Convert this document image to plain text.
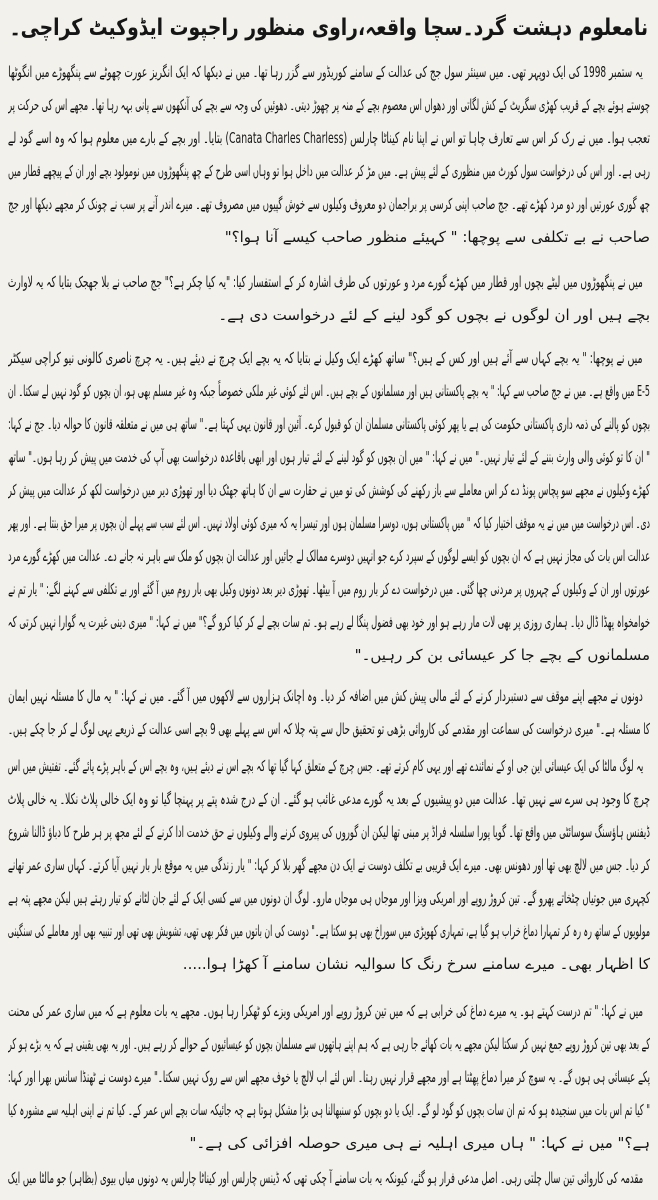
نامعلوم دہشت گرد۔
سچا واقعہ،
راوی منظور راجپوت ایڈوکیٹ کراچی۔
یہ ستمبر 1998 کی ایک دوپہر تھی۔ میں سینئر سول جج کی عدالت کے سامنے کوریڈور سے گزر رہا تھا۔ میں نے دیکھا کہ ایک انگریز عورت چھوٹے سے پنگھوڑے میں انگوٹھا
چوستے ہوئے بچے کے قریب کھڑی سگریٹ کے کش لگاتی اور دھواں اس معصوم بچے کے منہ پر چھوڑ دیتی۔ دھوئیں کی وجہ سے بچے کی آنکھوں سے پانی بہہ رہا تھا۔ مجھے اس کی حرکت پر
تعجب ہوا۔ میں نے رک کر اس سے تعارف چاہا تو اس نے اپنا نام کیناٹا چارلس (Canata Charles Charless) بتایا۔ اور بچے کے بارے میں معلوم ہوا کہ وہ اسے گود لے
رہی ہے۔ اور اس کی درخواست سول کورٹ میں منظوری کے لئے پیش ہے۔ میں مڑ کر عدالت میں داخل ہوا تو وہاں اسی طرح کے چھ پنگھوڑوں میں نومولود بچے اور ان کے پیچھے قطار میں
چھ گوری عورتیں اور دو مرد کھڑے تھے۔ جج صاحب اپنی کرسی پر براجمان دو معروف وکیلوں سے خوش گپیوں میں مصروف تھے۔ میرے اندر آنے پر سب نے چونک کر مجھے دیکھا اور جج
صاحب نے بے تکلفی سے پوچھا: " کہیئے منظور صاحب کیسے آنا ہوا؟"
میں نے پنگھوڑوں میں لیٹے بچوں اور قطار میں کھڑے گورے مرد و عورتوں کی طرف اشارہ کر کے استفسار کیا: "یہ کیا چکر ہے؟" جج صاحب نے بلا جھجک بتایا کہ یہ لاوارث
بچے ہیں اور ان لوگوں نے بچوں کو گود لینے کے لئے درخواست دی ہے۔
میں نے پوچھا: " یہ بچے کہاں سے آئے ہیں اور کس کے ہیں؟" ساتھ کھڑے ایک وکیل نے بتایا کہ یہ بچے ایک چرچ نے دیئے ہیں۔ یہ چرچ ناصری کالونی نیو کراچی سیکٹر
E-5 میں واقع ہے۔ میں نے جج صاحب سے کہا: " یہ بچے پاکستانی ہیں اور مسلمانوں کے بچے ہیں۔ اس لئے کوئی غیر ملکی خصوصاً جبکہ وہ غیر مسلم بھی ہو، ان بچوں کو گود نہیں لے سکتا۔ ان
بچوں کو پالنے کی ذمہ داری پاکستانی حکومت کی ہے یا پھر کوئی پاکستانی مسلمان ان کو قبول کرے۔ آئین اور قانون یہی کہتا ہے۔" ساتھ ہی میں نے متعلقہ قانون کا حوالہ دیا۔ جج نے کہا:
" ان کا تو کوئی والی وارث بننے کے لئے تیار نہیں۔" میں نے کہا: " میں ان بچوں کو گود لینے کے لئے تیار ہوں اور ابھی باقاعدہ درخواست بھی آپ کی خدمت میں پیش کر رہا ہوں۔" ساتھ
کھڑے وکیلوں نے مجھے سو پچاس پونڈ دے کر اس معاملے سے باز رکھنے کی کوشش کی تو میں نے حقارت سے ان کا ہاتھ جھٹک دیا اور تھوڑی دیر میں درخواست لکھ کر عدالت میں پیش کر
دی۔ اس درخواست میں میں نے یہ موقف اختیار کیا کہ " میں پاکستانی ہوں، دوسرا مسلمان ہوں اور تیسرا یہ کہ میری کوئی اولاد نہیں۔ اس لئے سب سے پہلے ان بچوں پر میرا حق بنتا ہے۔ اور پھر
عدالت اس بات کی مجاز نہیں ہے کہ ان بچوں کو ایسے لوگوں کے سپرد کرے جو انہیں دوسرے ممالک لے جائیں اور عدالت ان بچوں کو ملک سے باہر نہ جانے دے۔ عدالت میں کھڑے گورے مرد
عورتوں اور ان کے وکیلوں کے چہروں پر مردنی چھا گئی۔ میں درخواست دے کر بار روم میں آ بیٹھا۔ تھوڑی دیر بعد دونوں وکیل بھی بار روم میں آ گئے اور بے تکلفی سے کہنے لگے: " یار تم نے
خوامخواہ پھڈا ڈال دیا۔ ہماری روزی پر بھی لات مار رہے ہو اور خود بھی فضول پنگا لے رہے ہو۔ تم سات بچے لے کر کیا کرو گے؟" میں نے کہا: " میری دینی غیرت یہ گوارا نہیں کرتی کہ
مسلمانوں کے بچے جا کر عیسائی بن کر رہیں۔"
دونوں نے مجھے اپنے موقف سے دستبردار کرنے کے لئے مالی پیش کش میں اضافہ کر دیا۔ وہ اچانک ہزاروں سے لاکھوں میں آ گئے۔ میں نے کہا: " یہ مال کا مسئلہ نہیں ایمان
کا مسئلہ ہے۔" میری درخواست کی سماعت اور مقدمے کی کاروائی بڑھی تو تحقیق حال سے پتہ چلا کہ اس سے پہلے بھی 9 بچے اسی عدالت کے ذریعے یہی لوگ لے کر جا چکے ہیں۔
یہ لوگ مالٹا کی ایک عیسائی این جی او کے نمائندے تھے اور یہی کام کرتے تھے۔ جس چرچ کے متعلق کہا گیا تھا کہ بچے اس نے دیئے ہیں، وہ بچے اس کے باہر پڑے پائے گئے۔ تفتیش میں اس
چرچ کا وجود ہی سرے سے نہیں تھا۔ عدالت میں دو پیشیوں کے بعد یہ گورے مدعی غائب ہو گئے۔ ان کے درج شدہ پتے پر پہنچا گیا تو وہ ایک خالی پلاٹ نکلا۔ یہ خالی پلاٹ
ڈیفنس ہاؤسنگ سوسائٹی میں واقع تھا۔ گویا پورا سلسلہ فراڈ پر مبنی تھا لیکن ان گوروں کی پیروی کرنے والے وکیلوں نے حق خدمت ادا کرنے کے لئے مجھ پر ہر طرح کا دباؤ ڈالنا شروع
کر دیا۔ جس میں لالچ بھی تھا اور دھونس بھی۔ میرے ایک قریبی بے تکلف دوست نے ایک دن مجھے گھر بلا کر کہا: " یار زندگی میں یہ موقع بار بار نہیں آیا کرتے۔ کہاں ساری عمر تھانے
کچہری میں جوتیاں چٹخاتے پھرو گے۔ تین کروڑ روپے اور امریکی ویزا اور موجاں ہی موجاں مارو۔ لوگ ان دونوں میں سے کسی ایک کے لئے جان لٹانے کو تیار رہتے ہیں لیکن مجھے پتہ ہے
مولویوں کے ساتھ رہ رہ کر تمہارا دماغ خراب ہو گیا ہے، تمہاری کھوپڑی میں سوراخ بھی ہو سکتا ہے۔" دوست کی ان باتوں میں فکر بھی تھی، تشویش بھی تھی اور تنبیہ بھی اور معاملے کی سنگینی
کا اظہار بھی۔ میرے سامنے سرخ رنگ کا سوالیہ نشان سامنے آ کھڑا ہوا.....
میں نے کہا: " تم درست کہتے ہو۔ یہ میرے دماغ کی خرابی ہے کہ میں تین کروڑ روپے اور امریکی ویزے کو ٹھکرا رہا ہوں۔ مجھے یہ بات معلوم ہے کہ میں ساری عمر کی محنت
کے بعد بھی تین کروڑ روپے جمع نہیں کر سکتا لیکن مجھے یہ بات کھائے جا رہی ہے کہ ہم اپنے ہاتھوں سے مسلمان بچوں کو عیسائیوں کے حوالے کر رہے ہیں۔ اور یہ بھی یقینی ہے کہ یہ بڑے ہو کر
پکے عیسائی ہی ہوں گے۔ یہ سوچ کر میرا دماغ پھٹتا ہے اور مجھے قرار نہیں رہتا۔ اس لئے اب لالچ یا خوف مجھے اس سے روک نہیں سکتا۔" میرے دوست نے ٹھنڈا سانس بھرا اور کہا:
" کیا تم اس بات میں سنجیدہ ہو کہ تم ان سات بچوں کو گود لو گے۔ ایک یا دو بچوں کو سنبھالنا ہی بڑا مشکل ہوتا ہے چہ جائیکہ سات بچے اس عمر کے۔ کیا تم نے اپنی اہلیہ سے مشورہ کیا
ہے؟" میں نے کہا: " ہاں میری اہلیہ نے ہی میری حوصلہ افزائی کی ہے۔"
مقدمہ کی کاروائی تین سال چلتی رہی۔ اصل مدعی فرار ہو گئے، کیونکہ یہ بات سامنے آ چکی تھی کہ ڈینس چارلس اور کیناٹا چارلس یہ دونوں میاں بیوی (بظاہر) جو مالٹا میں ایک
